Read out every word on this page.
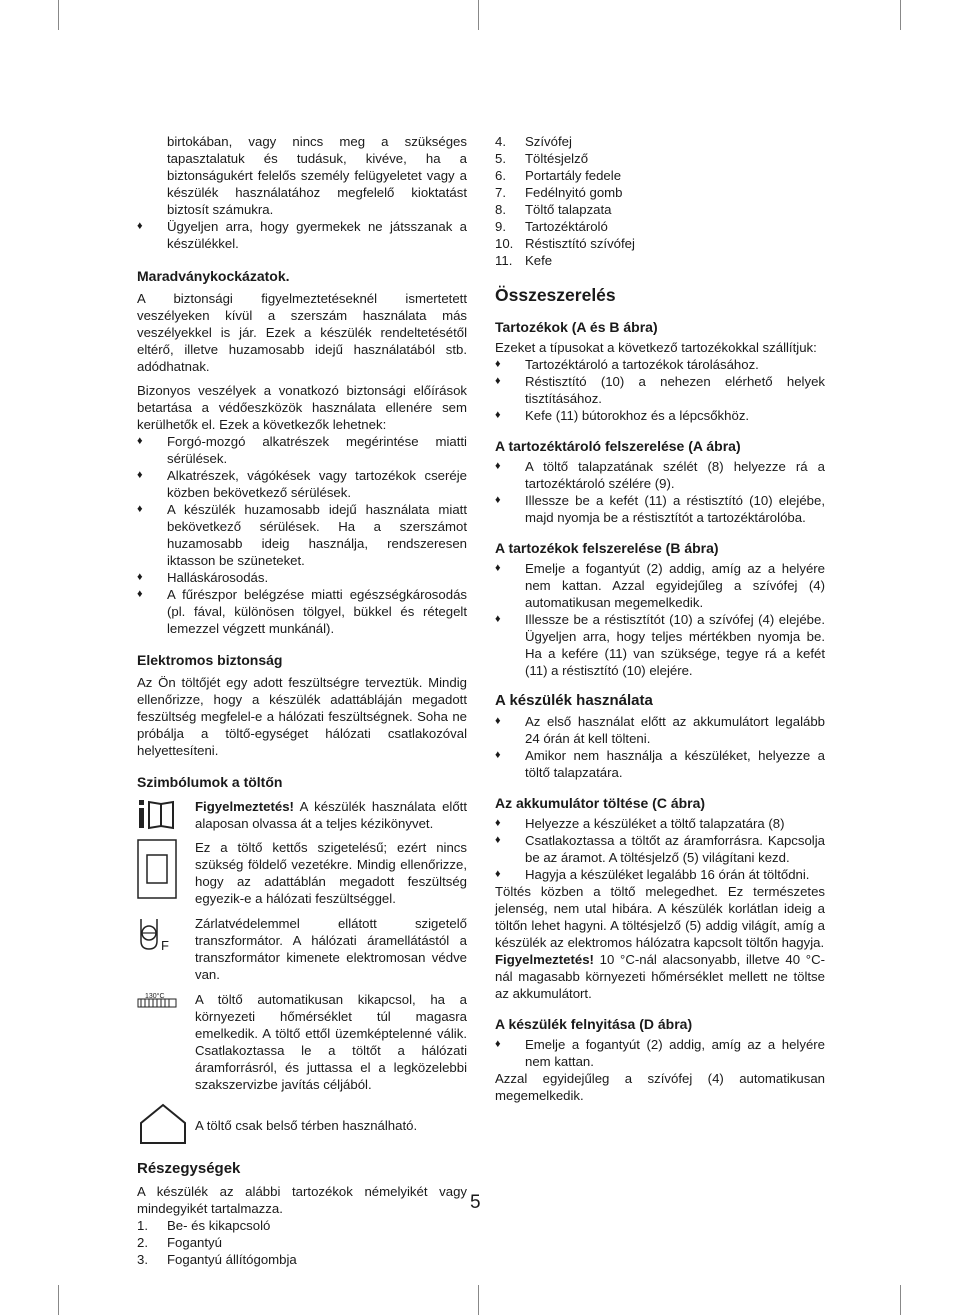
birtokában, vagy nincs meg a szükséges tapasztalatuk és tudásuk, kivéve, ha a biztonságukért felelős személy felügyeletet vagy a készülék használatához megfelelő kioktatást biztosít számukra.

♦ Ügyeljen arra, hogy gyermekek ne játsszanak a készülékkel.
Maradványkockázatok.

A biztonsági figyelmeztetéseknél ismertetett veszélyeken kívül a szerszám használata más veszélyekkel is jár. Ezek a készülék rendeltetésétől eltérő, illetve huzamosabb idejű használatából stb. adódhatnak.

Bizonyos veszélyek a vonatkozó biztonsági előírások betartása a védőeszközök használata ellenére sem kerülhetők el. Ezek a következők lehetnek:

♦ Forgó-mozgó alkatrészek megérintése miatti sérülések.
♦ Alkatrészek, vágókések vagy tartozékok cseréje közben bekövetkező sérülések.
♦ A készülék huzamosabb idejű használata miatt bekövetkező sérülések. Ha a szerszámot huzamosabb ideig használja, rendszeresen iktasson be szüneteket.
♦ Halláskárosodás.
♦ A fűrészpor belégzése miatti egészségkárosodás (pl. fával, különösen tölgyel, bükkel és rétegelt lemezzel végzett munkánál).
Elektromos biztonság

Az Ön töltőjét egy adott feszültségre terveztük. Mindig ellenőrizze, hogy a készülék adattábláján megadott feszültség megfelel-e a hálózati feszültségnek. Soha ne próbálja a töltő-egységet hálózati csatlakozóval helyettesíteni.

Szimbólumok a töltőn

Figyelmeztetés! A készülék használata előtt alaposan olvassa át a teljes kézikönyvet.

Ez a töltő kettős szigetelésű; ezért nincs szükség földelő vezetékre. Mindig ellenőrizze, hogy az adattáblán megadott feszültség egyezik-e a hálózati feszültséggel.

F

Zárlatvédelemmel ellátott szigetelő transzformátor. A hálózati áramellátástól a transzformátor kimenete elektromosan védve van.

130°C A töltő automatikusan kikapcsol, ha a környezeti hőmérséklet túl magasra emelkedik. A töltő ettől üzemképtelenné válik. Csatlakoztassa le a töltőt a hálózati áramforrásról, és juttassa el a legközelebbi szakszervizbe javítás céljából.

A töltő csak belső térben használható.

Részegységek

A készülék az alábbi tartozékok némelyikét vagy mindegyikét tartalmazza.

1. Be- és kikapcsoló
2. Fogantyú
3. Fogantyú állítógombja
4. Szívófej
5. Töltésjelző
6. Portartály fedele
7. Fedélnyitó gomb
8. Töltő talapzata
9. Tartozéktároló
10. Réstisztító szívófej
11. Kefe
Összeszerelés
Tartozékok (A és B ábra)

Ezeket a típusokat a következő tartozékokkal szállítjuk:

♦ Tartozéktároló a tartozékok tárolásához.
♦ Réstisztító (10) a nehezen elérhető helyek tisztításához.
♦ Kefe (11) bútorokhoz és a lépcsőkhöz.
A tartozéktároló felszerelése (A ábra)
♦ A töltő talapzatának szélét (8) helyezze rá a tartozéktároló szélére (9).
♦ Illessze be a kefét (11) a réstisztító (10) elejébe, majd nyomja be a réstisztítót a tartozéktárolóba.
A tartozékok felszerelése (B ábra)
♦ Emelje a fogantyút (2) addig, amíg az a helyére nem kattan. Azzal egyidejűleg a szívófej (4) automatikusan megemelkedik.
♦ Illessze be a réstisztítót (10) a szívófej (4) elejébe. Ügyeljen arra, hogy teljes mértékben nyomja be. Ha a kefére (11) van szüksége, tegye rá a kefét (11) a réstisztító (10) elejére.
A készülék használata
♦ Az első használat előtt az akkumulátort legalább 24 órán át kell tölteni.
♦ Amikor nem használja a készüléket, helyezze a töltő talapzatára.
Az akkumulátor töltése (C ábra)
♦ Helyezze a készüléket a töltő talapzatára (8)
♦ Csatlakoztassa a töltőt az áramforrásra. Kapcsolja be az áramot. A töltésjelző (5) világítani kezd.
♦ Hagyja a készüléket legalább 16 órán át töltődni.

Töltés közben a töltő melegedhet. Ez természetes jelenség, nem utal hibára. A készülék korlátlan ideig a töltőn lehet hagyni. A töltésjelző (5) addig világít, amíg a készülék az elektromos hálózatra kapcsolt töltőn hagyja.

Figyelmeztetés! 10 °C-nál alacsonyabb, illetve 40 °C-nál magasabb környezeti hőmérséklet mellett ne töltse az akkumulátort.

A készülék felnyitása (D ábra)
♦ Emelje a fogantyút (2) addig, amíg az a helyére nem kattan.

Azzal egyidejűleg a szívófej (4) automatikusan megemelkedik.

5
